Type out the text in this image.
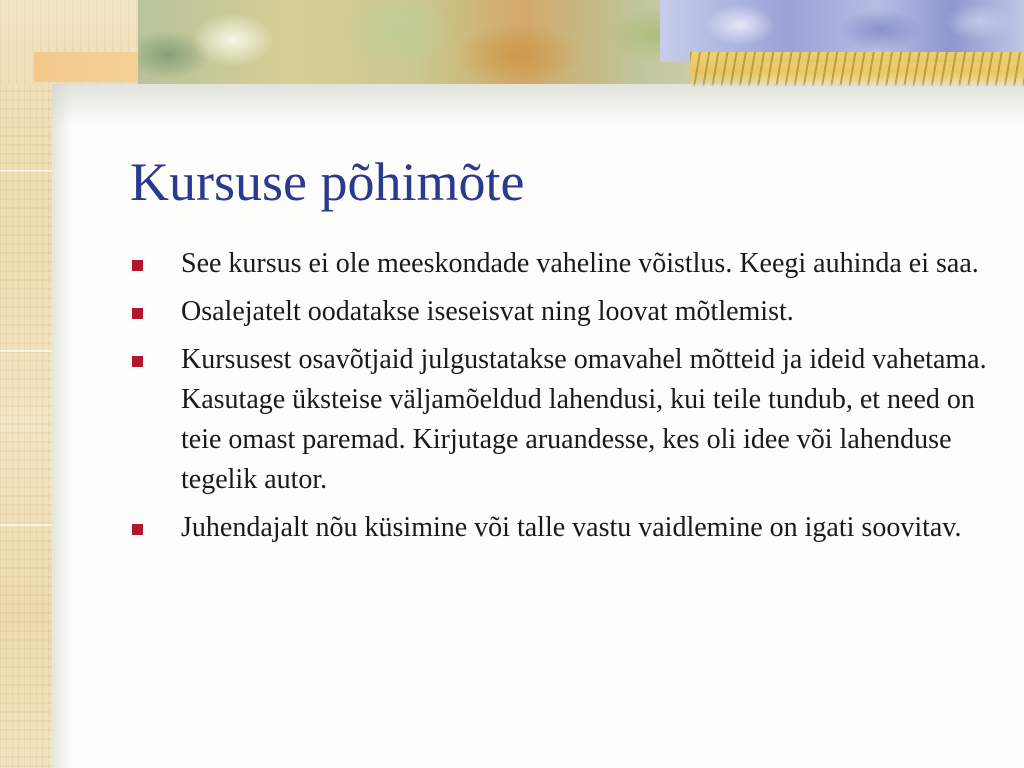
Kursuse põhimõte
See kursus ei ole meeskondade vaheline võistlus. Keegi auhinda ei saa.
Osalejatelt oodatakse iseseisvat ning loovat mõtlemist.
Kursusest osavõtjaid julgustatakse omavahel mõtteid ja ideid vahetama. Kasutage üksteise väljamõeldud lahendusi, kui teile tundub, et need on teie omast paremad. Kirjutage aruandesse, kes oli idee või lahenduse tegelik autor.
Juhendajalt nõu küsimine või talle vastu vaidlemine on igati soovitav.
